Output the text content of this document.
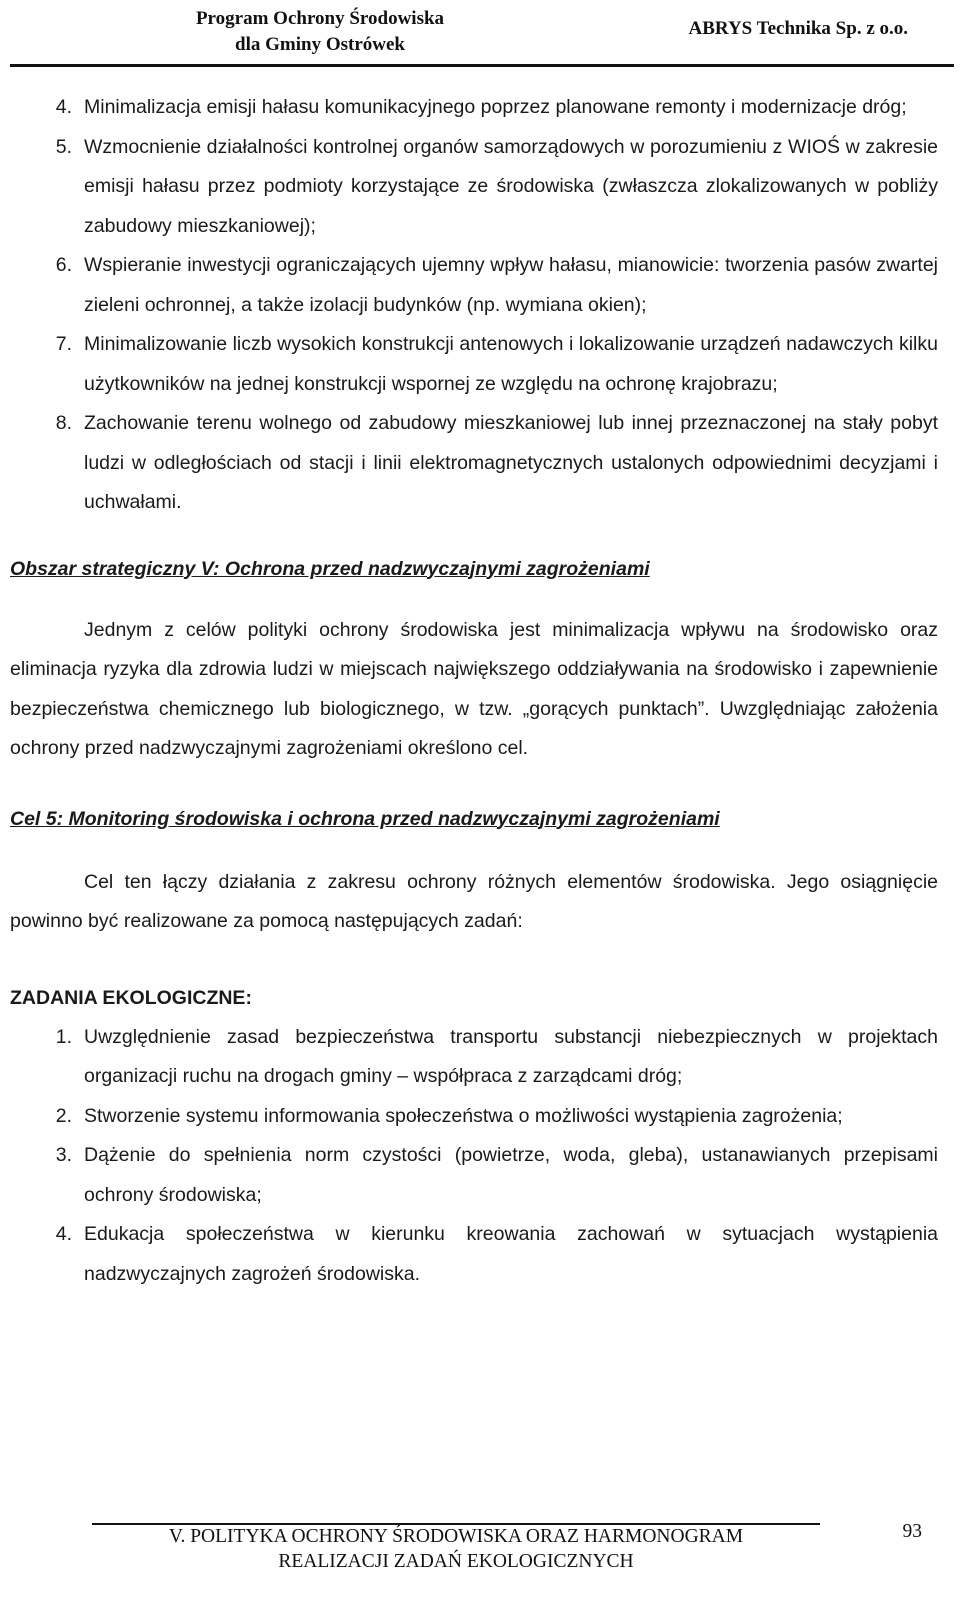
Program Ochrony Środowiska
dla Gminy Ostrówek
ABRYS Technika Sp. z o.o.
4. Minimalizacja emisji hałasu komunikacyjnego poprzez planowane remonty i modernizacje dróg;
5. Wzmocnienie działalności kontrolnej organów samorządowych w porozumieniu z WIOŚ w zakresie emisji hałasu przez podmioty korzystające ze środowiska (zwłaszcza zlokalizowanych w pobliży zabudowy mieszkaniowej);
6. Wspieranie inwestycji ograniczających ujemny wpływ hałasu, mianowicie: tworzenia pasów zwartej zieleni ochronnej, a także izolacji budynków (np. wymiana okien);
7. Minimalizowanie liczb wysokich konstrukcji antenowych i lokalizowanie urządzeń nadawczych kilku użytkowników na jednej konstrukcji wspornej ze względu na ochronę krajobrazu;
8. Zachowanie terenu wolnego od zabudowy mieszkaniowej lub innej przeznaczonej na stały pobyt ludzi w odległościach od stacji i linii elektromagnetycznych ustalonych odpowiednimi decyzjami i uchwałami.
Obszar strategiczny V: Ochrona przed nadzwyczajnymi zagrożeniami
Jednym z celów polityki ochrony środowiska jest minimalizacja wpływu na środowisko oraz eliminacja ryzyka dla zdrowia ludzi w miejscach największego oddziaływania na środowisko i zapewnienie bezpieczeństwa chemicznego lub biologicznego, w tzw. „gorących punktach”. Uwzględniając założenia ochrony przed nadzwyczajnymi zagrożeniami określono cel.
Cel 5: Monitoring środowiska i ochrona przed nadzwyczajnymi zagrożeniami
Cel ten łączy działania z zakresu ochrony różnych elementów środowiska. Jego osiągnięcie powinno być realizowane za pomocą następujących zadań:
ZADANIA EKOLOGICZNE:
1. Uwzględnienie zasad bezpieczeństwa transportu substancji niebezpiecznych w projektach organizacji ruchu na drogach gminy – współpraca z zarządcami dróg;
2. Stworzenie systemu informowania społeczeństwa o możliwości wystąpienia zagrożenia;
3. Dążenie do spełnienia norm czystości (powietrze, woda, gleba), ustanawianych przepisami ochrony środowiska;
4. Edukacja społeczeństwa w kierunku kreowania zachowań w sytuacjach wystąpienia nadzwyczajnych zagrożeń środowiska.
V. POLITYKA OCHRONY ŚRODOWISKA ORAZ HARMONOGRAM
REALIZACJI ZADAŃ EKOLOGICZNYCH
93
